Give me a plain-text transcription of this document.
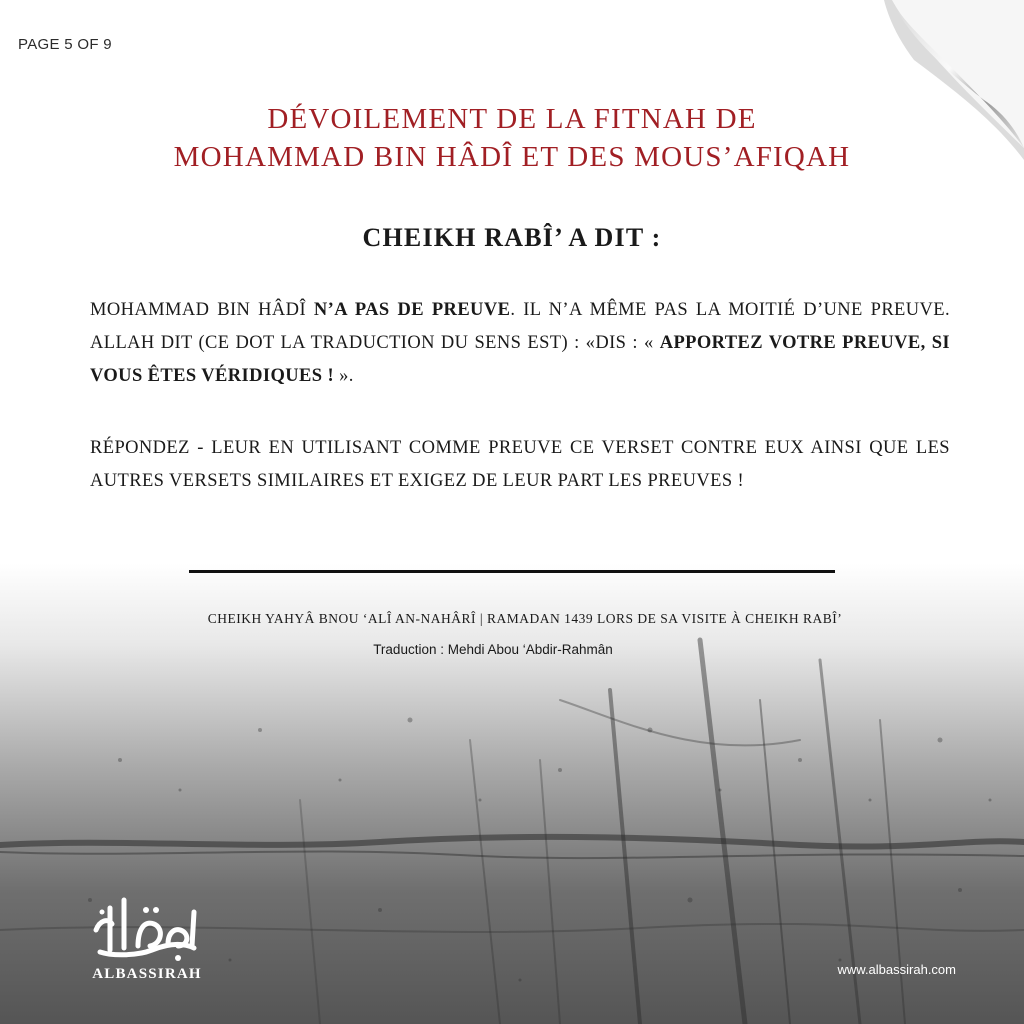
PAGE 5 OF 9

DÉVOILEMENT DE LA FITNAH DE
MOHAMMAD BIN HÂDÎ ET DES MOUS’AFIQAH
CHEIKH RABÎ’ A DIT :

MOHAMMAD BIN HÂDÎ N’A PAS DE PREUVE. IL N’A MÊME PAS LA MOITIÉ D’UNE PREUVE. ALLAH DIT (CE DOT LA TRADUCTION DU SENS EST) : «DIS : « APPORTEZ VOTRE PREUVE, SI VOUS ÊTES VÉRIDIQUES ! ».

RÉPONDEZ - LEUR EN UTILISANT COMME PREUVE CE VERSET CONTRE EUX AINSI QUE LES AUTRES VERSETS SIMILAIRES ET EXIGEZ DE LEUR PART LES PREUVES !

CHEIKH YAHYÂ BNOU ‘ALÎ AN-NAHÂRÎ | RAMADAN 1439 LORS DE SA VISITE À CHEIKH RABÎ’

Traduction : Mehdi Abou ‘Abdir-Rahmân

ALBASSIRAH	www.albassirah.com
